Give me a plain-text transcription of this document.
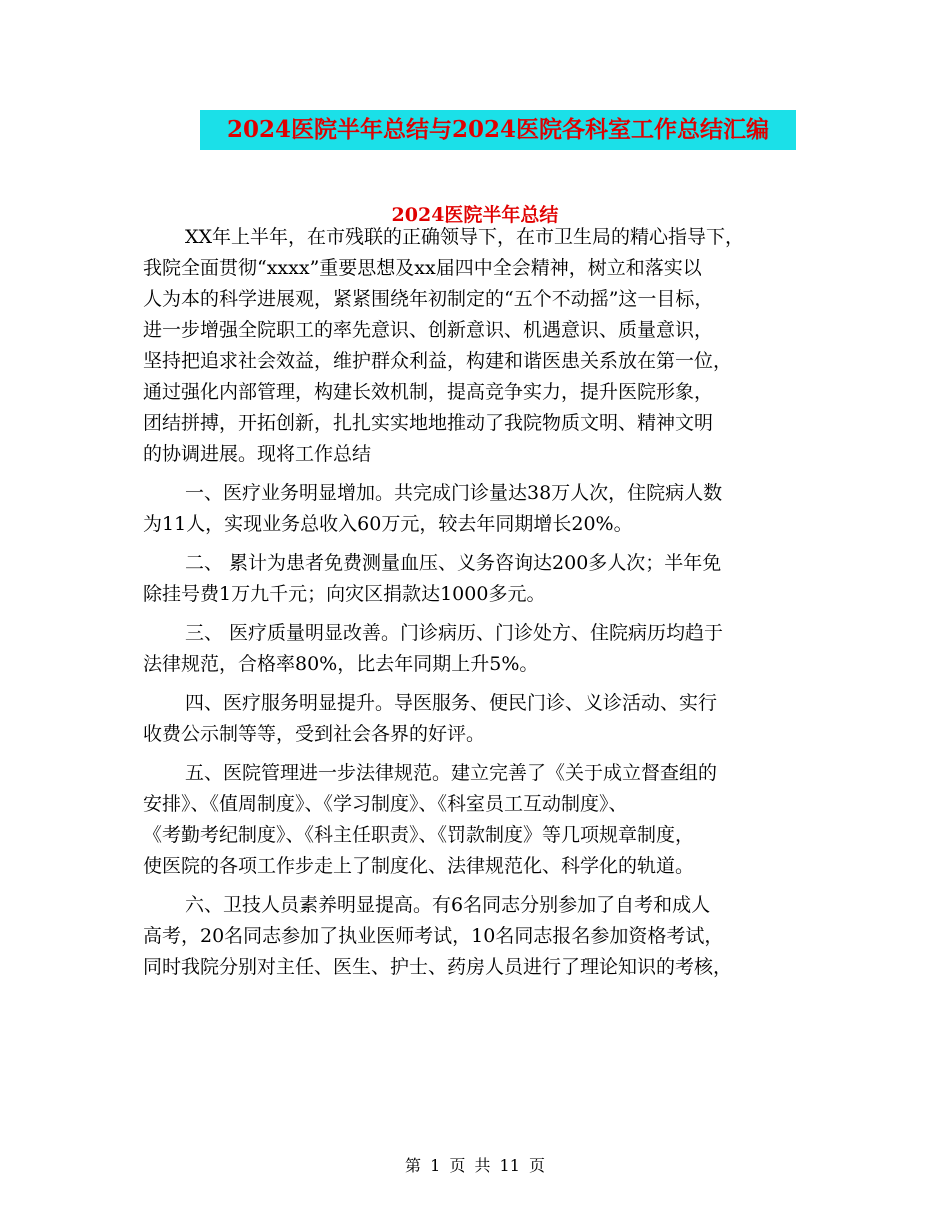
2024医院半年总结与2024医院各科室工作总结汇编
2024医院半年总结
XX年上半年，在市残联的正确领导下，在市卫生局的精心指导下，
我院全面贯彻“xxxx”重要思想及xx届四中全会精神，树立和落实以
人为本的科学进展观，紧紧围绕年初制定的“五个不动摇”这一目标，
进一步增强全院职工的率先意识、创新意识、机遇意识、质量意识，
坚持把追求社会效益，维护群众利益，构建和谐医患关系放在第一位，
通过强化内部管理，构建长效机制，提高竞争实力，提升医院形象，
团结拼搏，开拓创新，扎扎实实地地推动了我院物质文明、精神文明
的协调进展。现将工作总结
一、医疗业务明显增加。共完成门诊量达38万人次，住院病人数
为11人，实现业务总收入60万元，较去年同期增长20%。
二、 累计为患者免费测量血压、义务咨询达200多人次；半年免
除挂号费1万九千元；向灾区捐款达1000多元。
三、 医疗质量明显改善。门诊病历、门诊处方、住院病历均趋于
法律规范，合格率80%，比去年同期上升5%。
四、医疗服务明显提升。导医服务、便民门诊、义诊活动、实行
收费公示制等等，受到社会各界的好评。
五、医院管理进一步法律规范。建立完善了《关于成立督查组的
安排》、《值周制度》、《学习制度》、《科室员工互动制度》、
《考勤考纪制度》、《科主任职责》、《罚款制度》等几项规章制度，
使医院的各项工作步走上了制度化、法律规范化、科学化的轨道。
六、卫技人员素养明显提高。有6名同志分别参加了自考和成人
高考，20名同志参加了执业医师考试，10名同志报名参加资格考试，
同时我院分别对主任、医生、护士、药房人员进行了理论知识的考核，
第 1 页 共 11 页
